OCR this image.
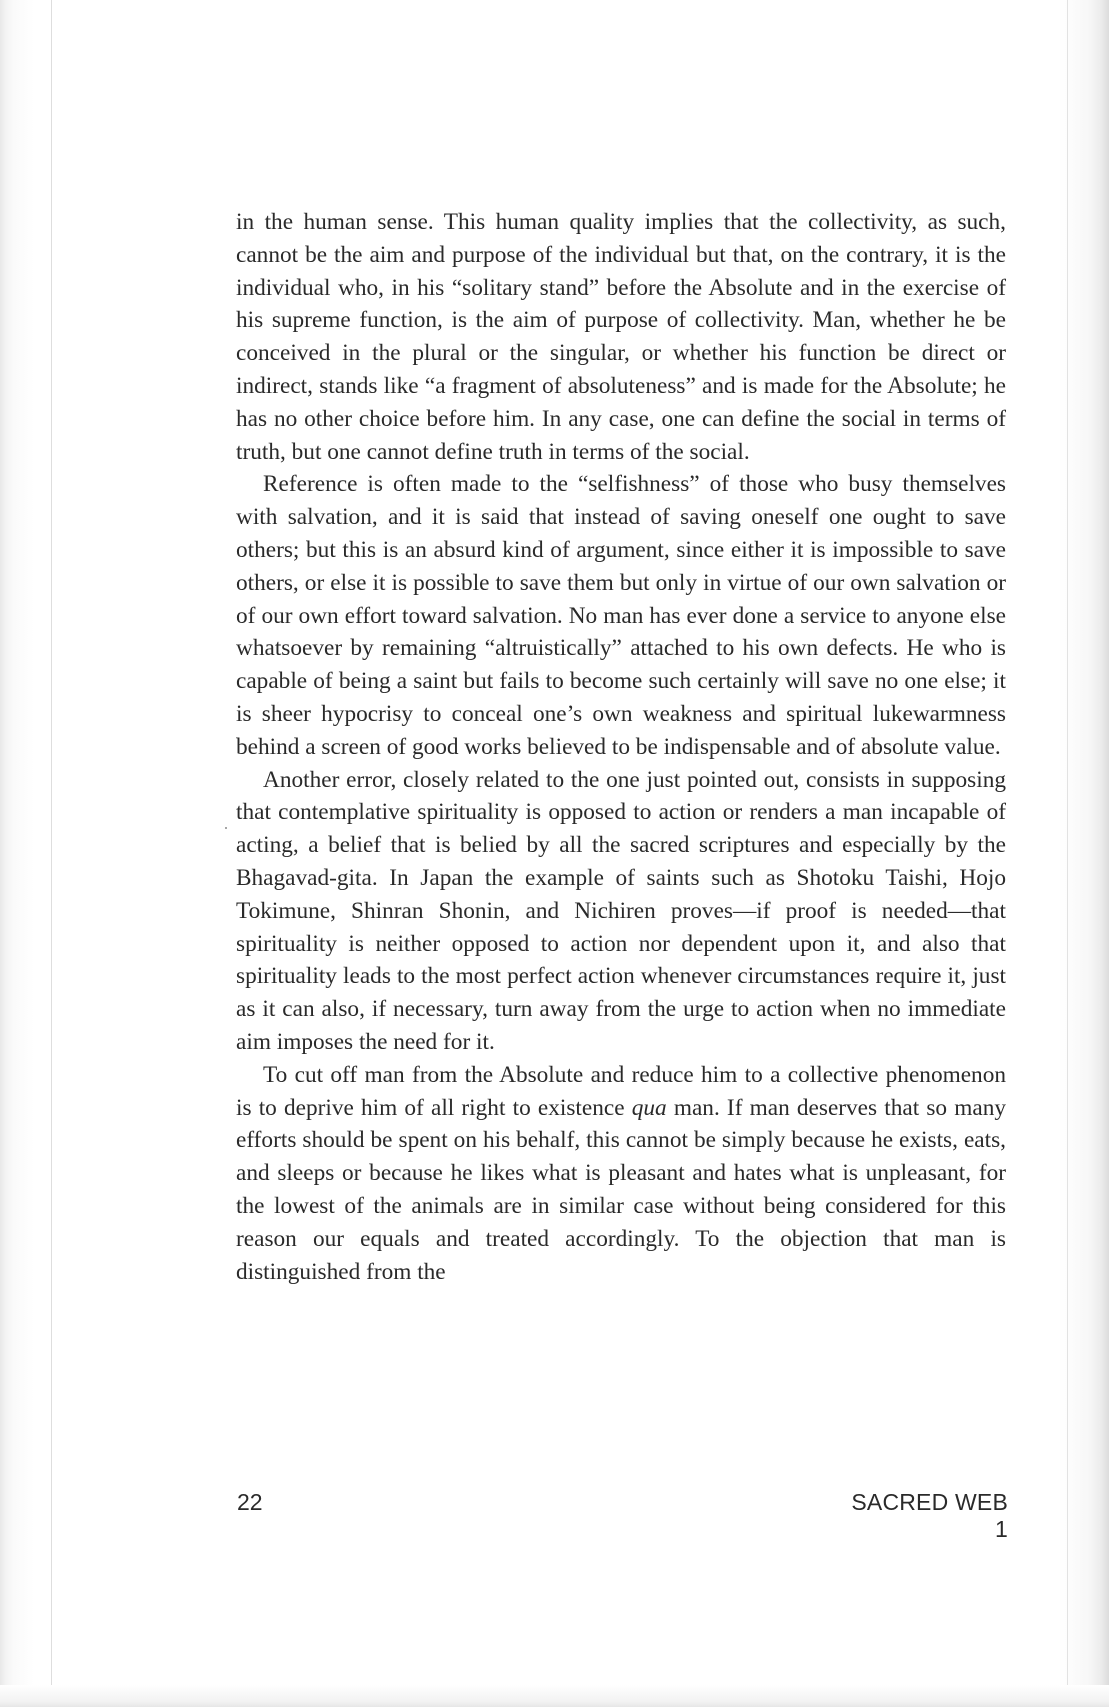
in the human sense. This human quality implies that the collectivity, as such, cannot be the aim and purpose of the individual but that, on the contrary, it is the individual who, in his “solitary stand” before the Absolute and in the exercise of his supreme function, is the aim of purpose of collectivity. Man, whether he be conceived in the plural or the singular, or whether his function be direct or indirect, stands like “a fragment of absoluteness” and is made for the Absolute; he has no other choice before him. In any case, one can define the social in terms of truth, but one cannot define truth in terms of the social.

Reference is often made to the “selfishness” of those who busy themselves with salvation, and it is said that instead of saving oneself one ought to save others; but this is an absurd kind of argument, since either it is impossible to save others, or else it is possible to save them but only in virtue of our own salvation or of our own effort toward salvation. No man has ever done a service to anyone else whatsoever by remaining “altruistically” attached to his own defects. He who is capable of being a saint but fails to become such certainly will save no one else; it is sheer hypocrisy to conceal one’s own weakness and spiritual lukewarmness behind a screen of good works believed to be indispensable and of absolute value.

Another error, closely related to the one just pointed out, consists in supposing that contemplative spirituality is opposed to action or renders a man incapable of acting, a belief that is belied by all the sacred scriptures and especially by the Bhagavad-gita. In Japan the example of saints such as Shotoku Taishi, Hojo Tokimune, Shinran Shonin, and Nichiren proves—if proof is needed—that spirituality is neither opposed to action nor dependent upon it, and also that spirituality leads to the most perfect action whenever circumstances require it, just as it can also, if necessary, turn away from the urge to action when no immediate aim imposes the need for it.

To cut off man from the Absolute and reduce him to a collective phenomenon is to deprive him of all right to existence qua man. If man deserves that so many efforts should be spent on his behalf, this cannot be simply because he exists, eats, and sleeps or because he likes what is pleasant and hates what is unpleasant, for the lowest of the animals are in similar case without being considered for this reason our equals and treated accordingly. To the objection that man is distinguished from the

22	SACRED WEB 1
